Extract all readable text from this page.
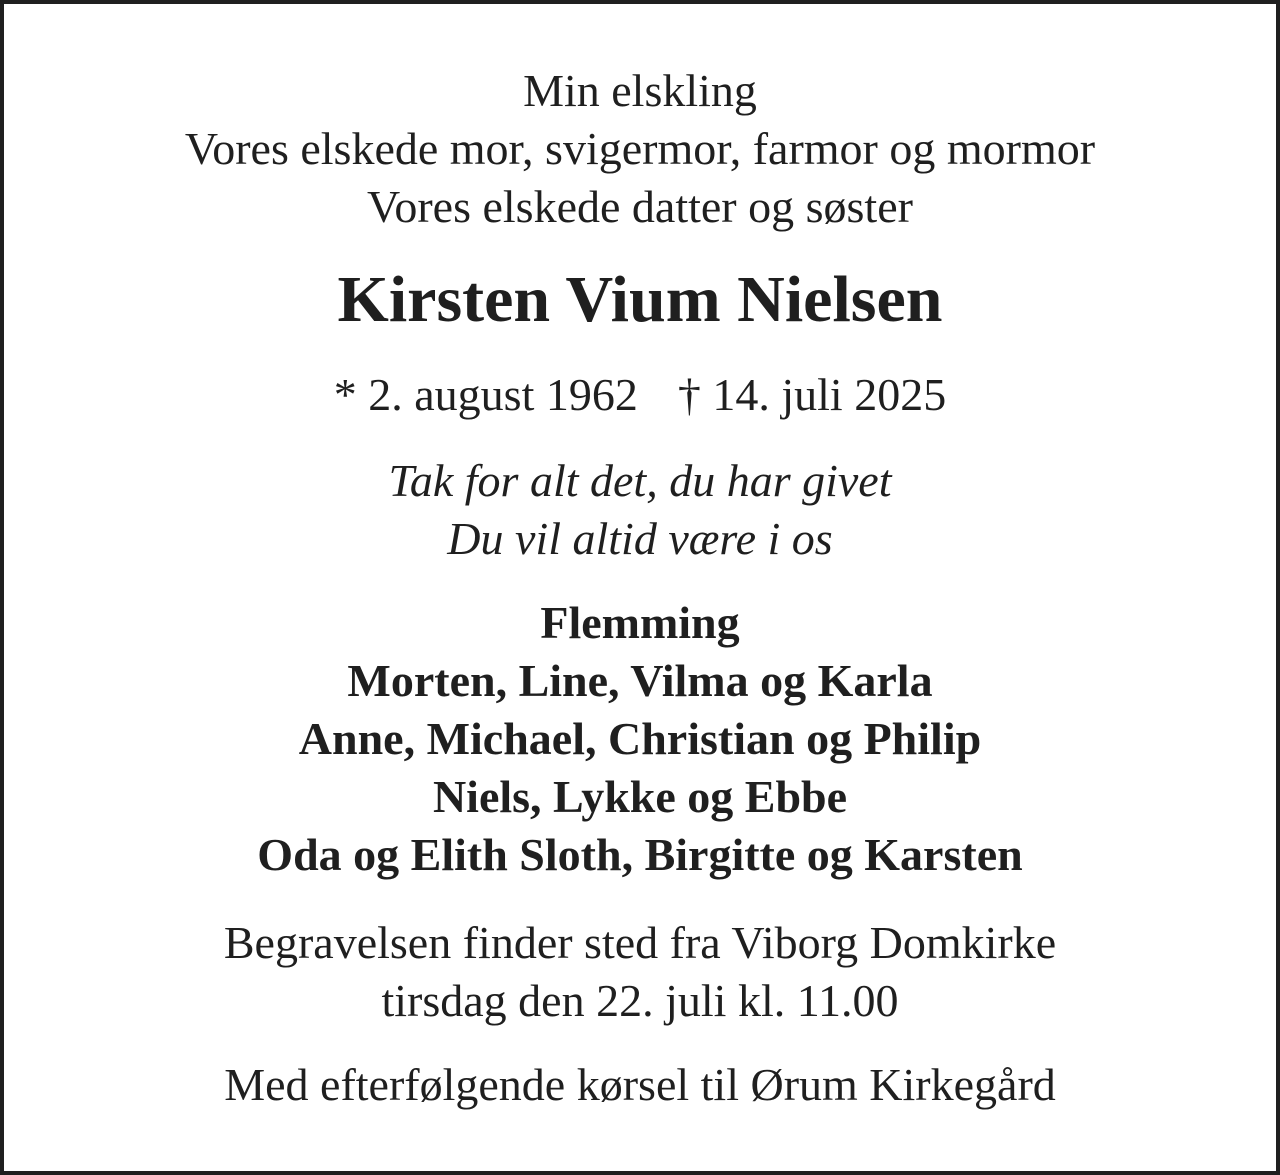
Min elskling

Vores elskede mor, svigermor, farmor og mormor

Vores elskede datter og søster

Kirsten Vium Nielsen

* 2. august 1962 † 14. juli 2025

Tak for alt det, du har givet

Du vil altid være i os

Flemming

Morten, Line, Vilma og Karla

Anne, Michael, Christian og Philip

Niels, Lykke og Ebbe

Oda og Elith Sloth, Birgitte og Karsten

Begravelsen finder sted fra Viborg Domkirke

tirsdag den 22. juli kl. 11.00

Med efterfølgende kørsel til Ørum Kirkegård
